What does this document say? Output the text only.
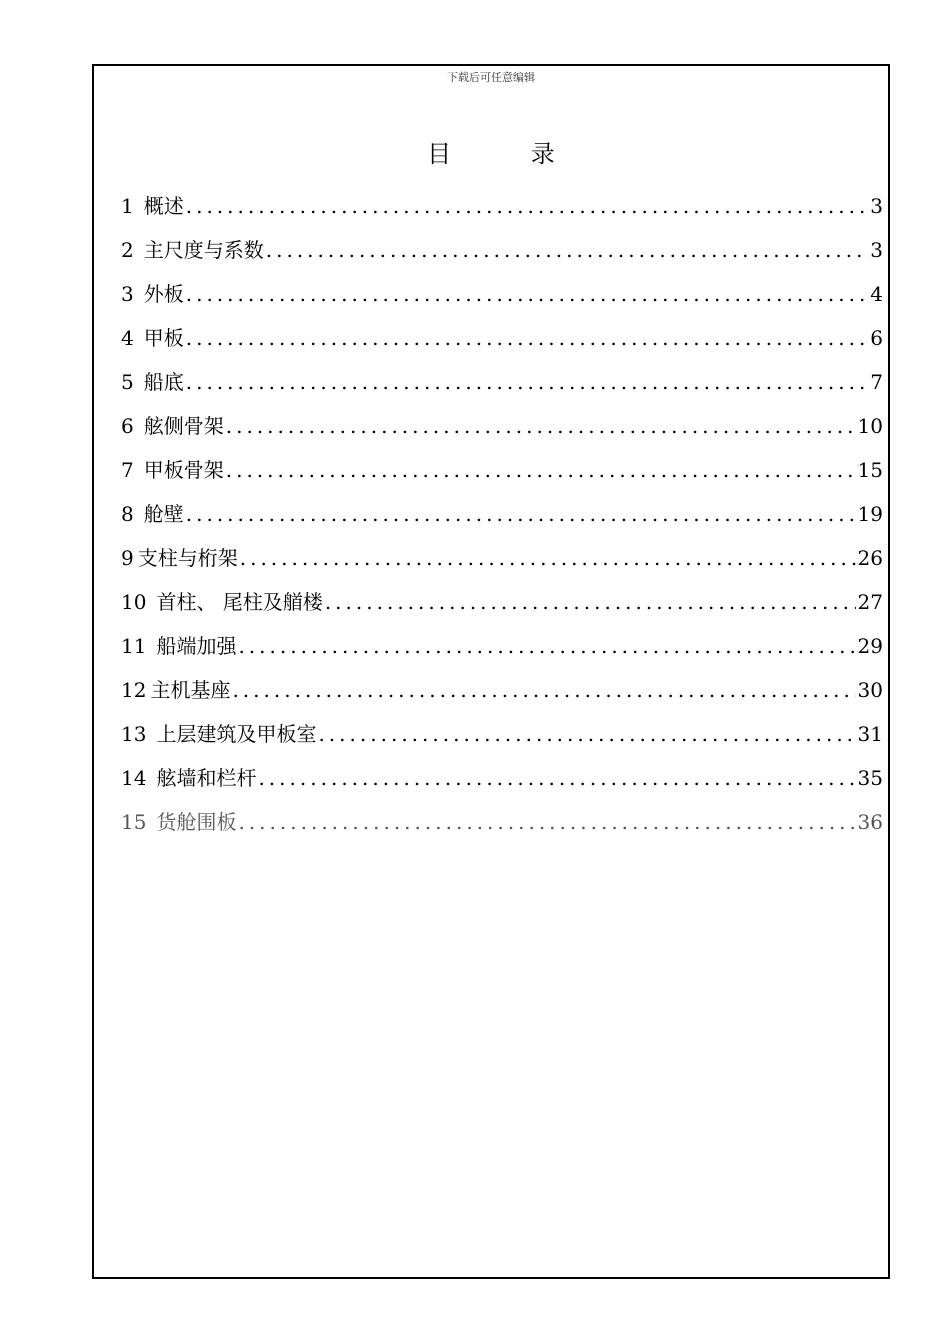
下载后可任意编辑
目 录
1 概述 .....	3
2 主尺度与系数 .....	3
3 外板 .....	4
4 甲板 .....	6
5 船底 .....	7
6 舷侧骨架 .....	10
7 甲板骨架 .....	15
8 舱壁 .....	19
9 支柱与桁架 .....	26
10 首柱、 尾柱及艏楼 .....	27
11 船端加强 .....	29
12 主机基座 .....	30
13 上层建筑及甲板室 .....	31
14 舷墙和栏杆 .....	35
15 货舱围板 .....	36
